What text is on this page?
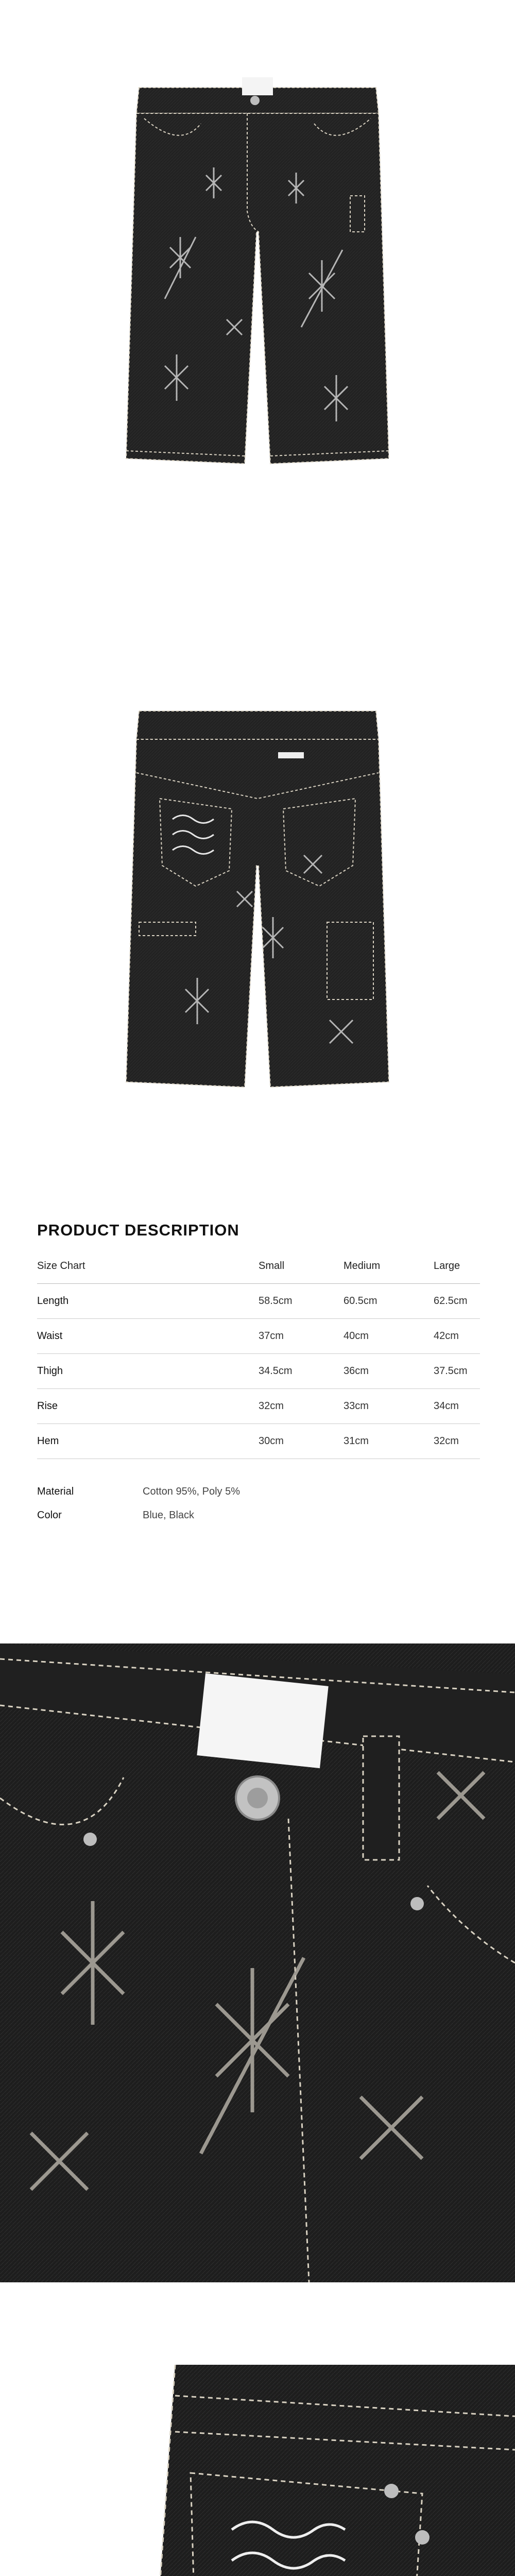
PRODUCT DESCRIPTION
Size Chart	Small	Medium	Large
Length	58.5cm	60.5cm	62.5cm
Waist	37cm	40cm	42cm
Thigh	34.5cm	36cm	37.5cm
Rise	32cm	33cm	34cm
Hem	30cm	31cm	32cm
Material	Cotton 95%, Poly 5%
Color	Blue, Black
